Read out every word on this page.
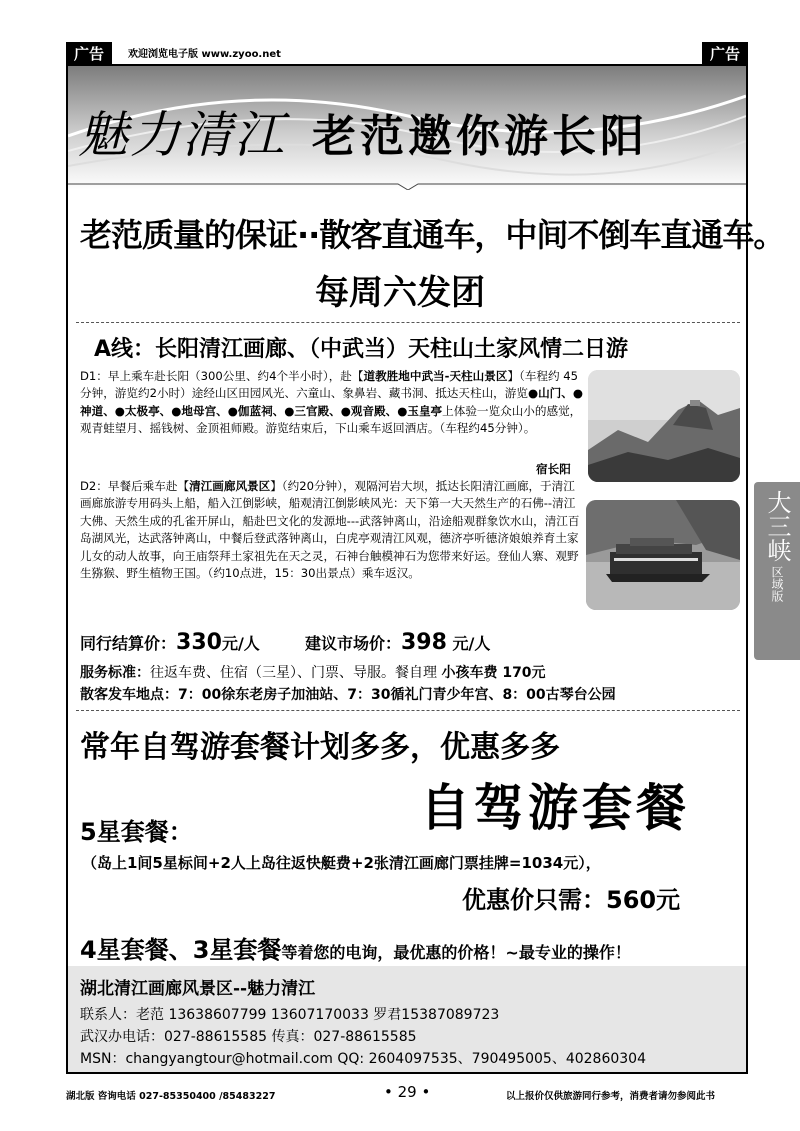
广告	欢迎浏览电子版 www.zyoo.net	广告
魅力清江 老范邀你游长阳
老范质量的保证··散客直通车，中间不倒车直通车。
每周六发团
A线：长阳清江画廊、（中武当）天柱山土家风情二日游
D1：早上乘车赴长阳（300公里、约4个半小时），赴【道教胜地中武当-天柱山景区】（车程约 45分钟，游览约2小时）途经山区田园风光、六童山、象鼻岩、藏书洞、抵达天柱山，游览●山门、●神道、●太极亭、●地母宫、●伽蓝祠、●三官殿、●观音殿、●玉皇亭上体验一览众山小的感觉，观青蛙望月、摇钱树、金顶祖师殿。游览结束后，下山乘车返回酒店。（车程约45分钟）。
宿长阳
D2：早餐后乘车赴【清江画廊风景区】（约20分钟），观隔河岩大坝，抵达长阳清江画廊，于清江画廊旅游专用码头上船，船入江倒影峡，船观清江倒影峡风光：天下第一大天然生产的石佛--清江大佛、天然生成的孔雀开屏山，船赴巴文化的发源地---武落钟离山，沿途船观群象饮水山，清江百岛湖风光，达武落钟离山，中餐后登武落钟离山，白虎亭观清江风观，德济亭听德济娘娘养育土家儿女的动人故事，向王庙祭拜土家祖先在天之灵，石神台触模神石为您带来好运。登仙人寨、观野生猕猴、野生植物王国。（约10点进，15：30出景点）乘车返汉。
大三峡
区域版
同行结算价：330元/人	建议市场价：398 元/人
服务标准：往返车费、住宿（三星）、门票、导服。餐自理 小孩车费 170元
散客发车地点：7：00徐东老房子加油站、7：30循礼门青少年宫、8：00古琴台公园
常年自驾游套餐计划多多，优惠多多
自驾游套餐
5星套餐：
（岛上1间5星标间+2人上岛往返快艇费+2张清江画廊门票挂牌=1034元），
优惠价只需：560元
4星套餐、3星套餐等着您的电询，最优惠的价格！~最专业的操作！
湖北清江画廊风景区--魅力清江
联系人：老范 13638607799 13607170033 罗君15387089723
武汉办电话：027-88615585 传真：027-88615585
MSN：changyangtour@hotmail.com QQ: 2604097535、790495005、402860304
湖北版 咨询电话 027-85350400 /85483227	• 29 •	以上报价仅供旅游同行参考，消费者请勿参阅此书
